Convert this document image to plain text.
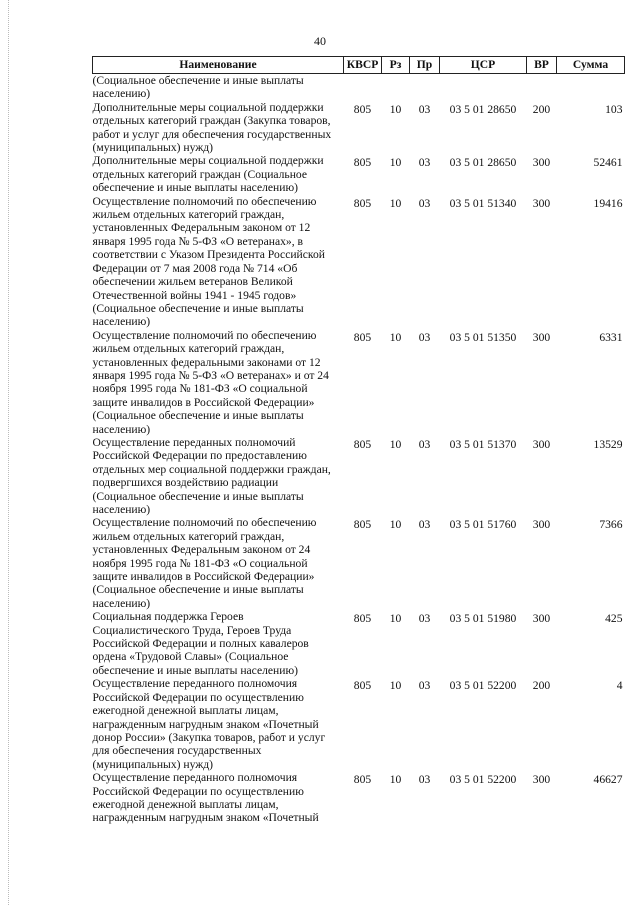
40
Наименование	КВСР	Рз	Пр	ЦСР	ВР	Сумма
(Социальное обеспечение и иные выплаты населению)						
Дополнительные меры социальной поддержки отдельных категорий граждан (Закупка товаров, работ и услуг для обеспечения государственных (муниципальных) нужд)	805	10	03	03 5 01 28650	200	103
Дополнительные меры социальной поддержки отдельных категорий граждан (Социальное обеспечение и иные выплаты населению)	805	10	03	03 5 01 28650	300	52461
Осуществление полномочий по обеспечению жильем отдельных категорий граждан, установленных Федеральным законом от 12 января 1995 года № 5-ФЗ «О ветеранах», в соответствии с Указом Президента Российской Федерации от 7 мая 2008 года № 714 «Об обеспечении жильем ветеранов Великой Отечественной войны 1941 - 1945 годов» (Социальное обеспечение и иные выплаты населению)	805	10	03	03 5 01 51340	300	19416
Осуществление полномочий по обеспечению жильем отдельных категорий граждан, установленных федеральными законами от 12 января 1995 года № 5-ФЗ «О ветеранах» и от 24 ноября 1995 года № 181-ФЗ «О социальной защите инвалидов в Российской Федерации» (Социальное обеспечение и иные выплаты населению)	805	10	03	03 5 01 51350	300	6331
Осуществление переданных полномочий Российской Федерации по предоставлению отдельных мер социальной поддержки граждан, подвергшихся воздействию радиации (Социальное обеспечение и иные выплаты населению)	805	10	03	03 5 01 51370	300	13529
Осуществление полномочий по обеспечению жильем отдельных категорий граждан, установленных Федеральным законом от 24 ноября 1995 года № 181-ФЗ «О социальной защите инвалидов в Российской Федерации» (Социальное обеспечение и иные выплаты населению)	805	10	03	03 5 01 51760	300	7366
Социальная поддержка Героев Социалистического Труда, Героев Труда Российской Федерации и полных кавалеров ордена «Трудовой Славы» (Социальное обеспечение и иные выплаты населению)	805	10	03	03 5 01 51980	300	425
Осуществление переданного полномочия Российской Федерации по осуществлению ежегодной денежной выплаты лицам, награжденным нагрудным знаком «Почетный донор России» (Закупка товаров, работ и услуг для обеспечения государственных (муниципальных) нужд)	805	10	03	03 5 01 52200	200	4
Осуществление переданного полномочия Российской Федерации по осуществлению ежегодной денежной выплаты лицам, награжденным нагрудным знаком «Почетный	805	10	03	03 5 01 52200	300	46627
